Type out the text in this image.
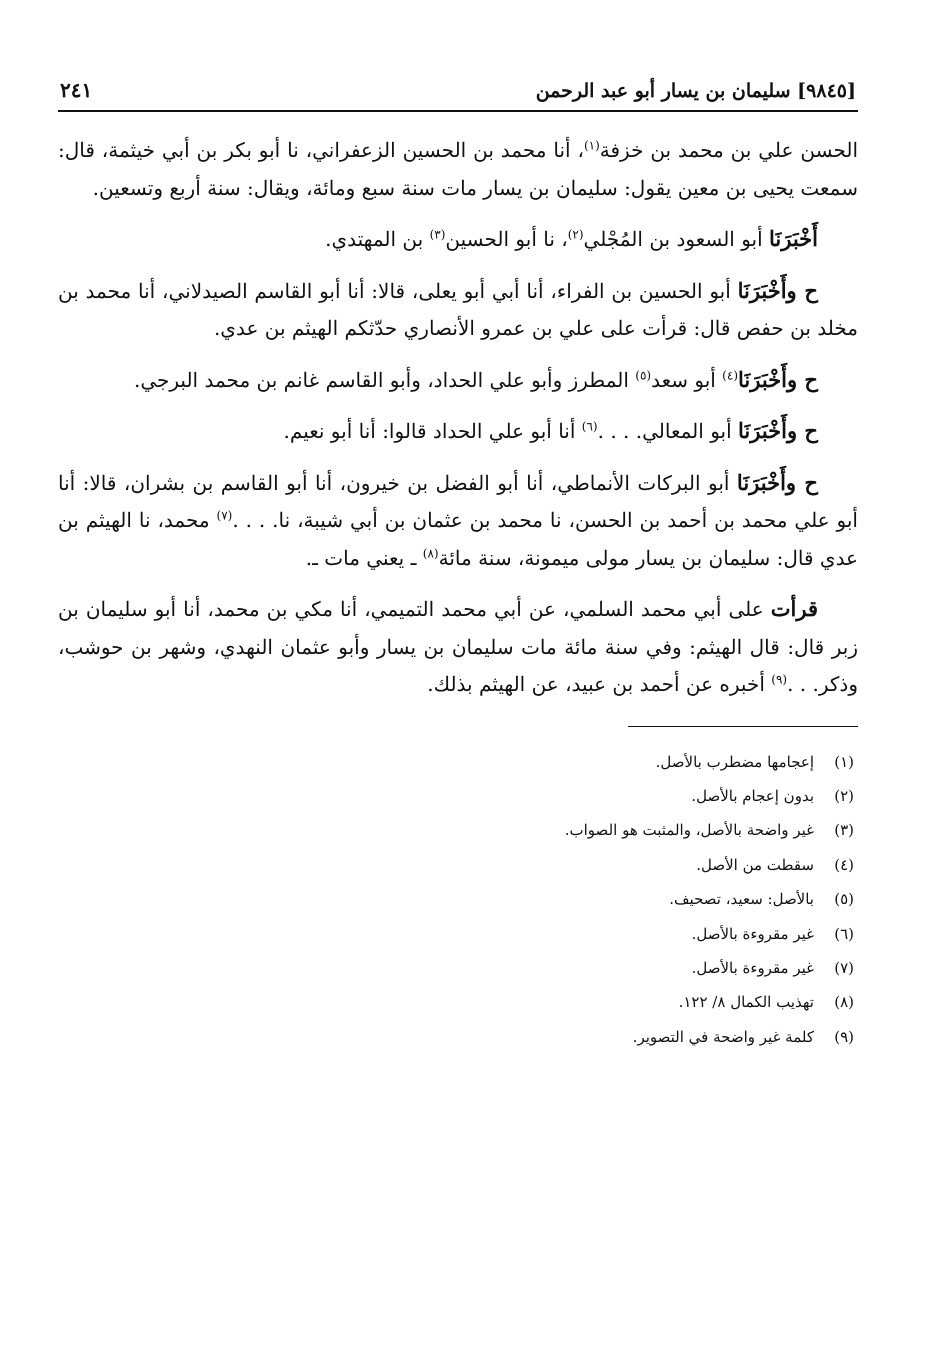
[٩٨٤٥] سليمان بن يسار أبو عبد الرحمن
٢٤١

الحسن علي بن محمد بن خزفة$^{(١)}$، أنا محمد بن الحسين الزعفراني، نا أبو بكر بن أبي خيثمة، قال: سمعت يحيى بن معين يقول: سليمان بن يسار مات سنة سبع ومائة، ويقال: سنة أربع وتسعين.

أَخْبَرَنَا أبو السعود بن المُجْلي$^{(٢)}$، نا أبو الحسين$^{(٣)}$ بن المهتدي.

ح وأَخْبَرَنَا أبو الحسين بن الفراء، أنا أبي أبو يعلى، قالا: أنا أبو القاسم الصيدلاني، أنا محمد بن مخلد بن حفص قال: قرأت على علي بن عمرو الأنصاري حدّثكم الهيثم بن عدي.

ح وأَخْبَرَنَا$^{(٤)}$ أبو سعد$^{(٥)}$ المطرز وأبو علي الحداد، وأبو القاسم غانم بن محمد البرجي.

ح وأَخْبَرَنَا أبو المعالي. . . .$^{(٦)}$ أنا أبو علي الحداد قالوا: أنا أبو نعيم.

ح وأَخْبَرَنَا أبو البركات الأنماطي، أنا أبو الفضل بن خيرون، أنا أبو القاسم بن بشران، قالا: أنا أبو علي محمد بن أحمد بن الحسن، نا محمد بن عثمان بن أبي شيبة، نا. . . .$^{(٧)}$ محمد، نا الهيثم بن عدي قال: سليمان بن يسار مولى ميمونة، سنة مائة$^{(٨)}$ ـ يعني مات ـ.

قرأت على أبي محمد السلمي، عن أبي محمد التميمي، أنا مكي بن محمد، أنا أبو سليمان بن زبر قال: قال الهيثم: وفي سنة مائة مات سليمان بن يسار وأبو عثمان النهدي، وشهر بن حوشب، وذكر. . .$^{(٩)}$ أخبره عن أحمد بن عبيد، عن الهيثم بذلك.

(١)
إعجامها مضطرب بالأصل.
(٢)
بدون إعجام بالأصل.
(٣)
غير واضحة بالأصل، والمثبت هو الصواب.
(٤)
سقطت من الأصل.
(٥)
بالأصل: سعيد، تصحيف.
(٦)
غير مقروءة بالأصل.
(٧)
غير مقروءة بالأصل.
(٨)
تهذيب الكمال ٨/ ١٢٢.
(٩)
كلمة غير واضحة في التصوير.
